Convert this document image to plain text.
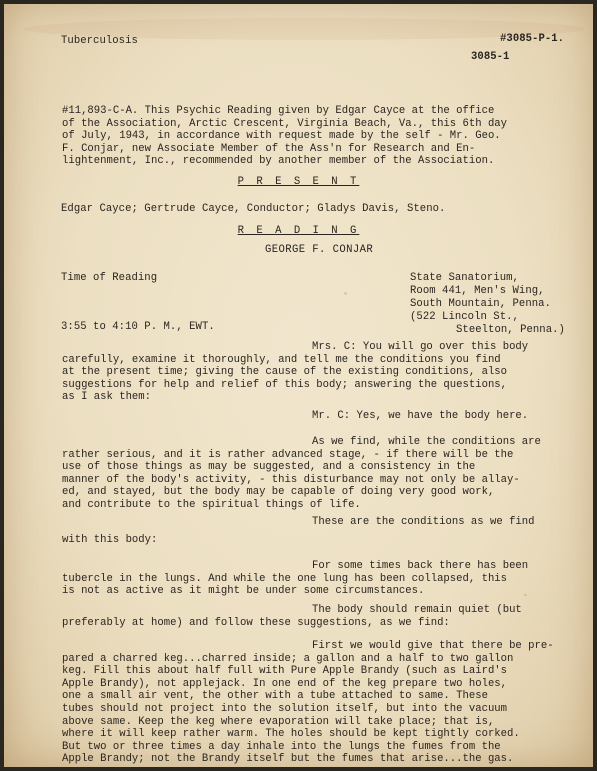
Tuberculosis	#3085-P-1.
3085-1
#11,893-C-A. This Psychic Reading given by Edgar Cayce at the office
of the Association, Arctic Crescent, Virginia Beach, Va., this 6th day
of July, 1943, in accordance with request made by the self - Mr. Geo.
F. Conjar, new Associate Member of the Ass'n for Research and En-
lightenment, Inc., recommended by another member of the Association.
P R E S E N T
Edgar Cayce; Gertrude Cayce, Conductor; Gladys Davis, Steno.
R E A D I N G
GEORGE F. CONJAR
Time of Reading	State Sanatorium,
Room 441, Men's Wing,
South Mountain, Penna.
(522 Lincoln St.,
Steelton, Penna.)
3:55 to 4:10 P. M., EWT.
Mrs. C: You will go over this body
carefully, examine it thoroughly, and tell me the conditions you find
at the present time; giving the cause of the existing conditions, also
suggestions for help and relief of this body; answering the questions,
as I ask them:
Mr. C: Yes, we have the body here.
As we find, while the conditions are
rather serious, and it is rather advanced stage, - if there will be the
use of those things as may be suggested, and a consistency in the
manner of the body's activity, - this disturbance may not only be allay-
ed, and stayed, but the body may be capable of doing very good work,
and contribute to the spiritual things of life.
These are the conditions as we find
with this body:
For some times back there has been
tubercle in the lungs. And while the one lung has been collapsed, this
is not as active as it might be under some circumstances.
The body should remain quiet (but
preferably at home) and follow these suggestions, as we find:
First we would give that there be pre-
pared a charred keg...charred inside; a gallon and a half to two gallon
keg. Fill this about half full with Pure Apple Brandy (such as Laird's
Apple Brandy), not applejack. In one end of the keg prepare two holes,
one a small air vent, the other with a tube attached to same. These
tubes should not project into the solution itself, but into the vacuum
above same. Keep the keg where evaporation will take place; that is,
where it will keep rather warm. The holes should be kept tightly corked.
But two or three times a day inhale into the lungs the fumes from the
Apple Brandy; not the Brandy itself but the fumes that arise...the gas.
